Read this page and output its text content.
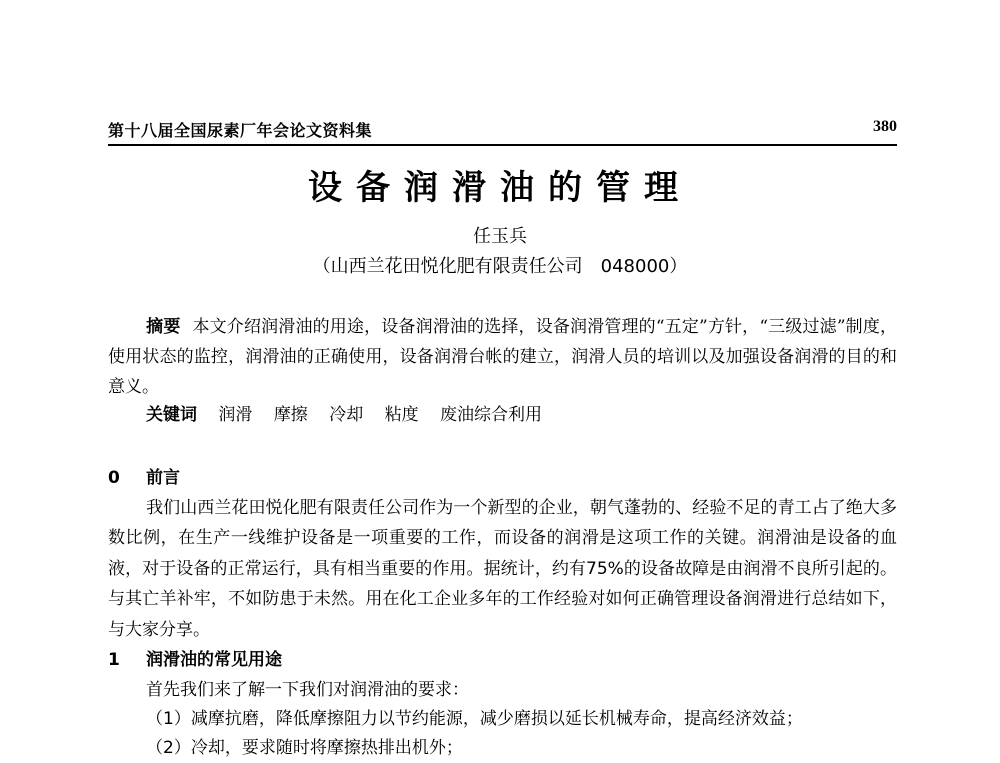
第十八届全国尿素厂年会论文资料集	380
设备润滑油的管理
任玉兵
（山西兰花田悦化肥有限责任公司　048000）
摘要 本文介绍润滑油的用途，设备润滑油的选择，设备润滑管理的“五定”方针，“三级过滤”制度，使用状态的监控，润滑油的正确使用，设备润滑台帐的建立，润滑人员的培训以及加强设备润滑的目的和意义。
关键词 润滑 摩擦 冷却 粘度 废油综合利用
0 前言
我们山西兰花田悦化肥有限责任公司作为一个新型的企业，朝气蓬勃的、经验不足的青工占了绝大多数比例，在生产一线维护设备是一项重要的工作，而设备的润滑是这项工作的关键。润滑油是设备的血液，对于设备的正常运行，具有相当重要的作用。据统计，约有75%的设备故障是由润滑不良所引起的。与其亡羊补牢，不如防患于未然。用在化工企业多年的工作经验对如何正确管理设备润滑进行总结如下，与大家分享。
1 润滑油的常见用途
首先我们来了解一下我们对润滑油的要求：
（1）减摩抗磨，降低摩擦阻力以节约能源，减少磨损以延长机械寿命，提高经济效益；
（2）冷却，要求随时将摩擦热排出机外；
